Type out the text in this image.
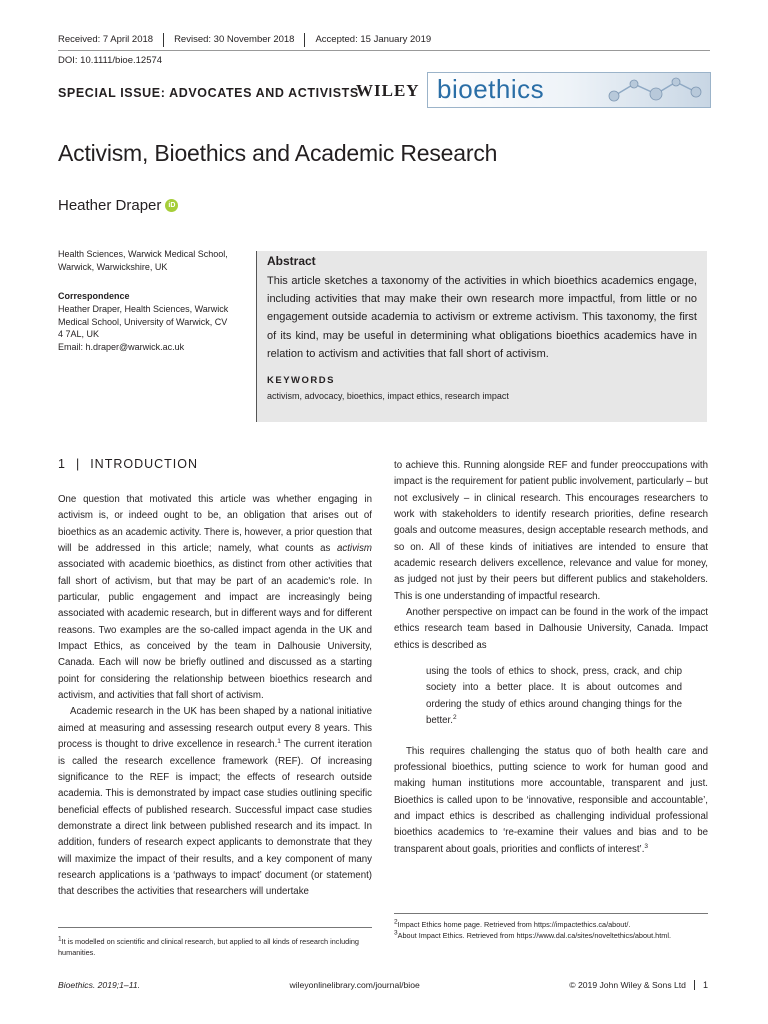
Received: 7 April 2018	Revised: 30 November 2018	Accepted: 15 January 2019
DOI: 10.1111/bioe.12574
SPECIAL ISSUE: ADVOCATES AND ACTIVISTS
WILEY bioethics
Activism, Bioethics and Academic Research
Heather Draper	iD
Health Sciences, Warwick Medical School,
Warwick, Warwickshire, UK
Correspondence
Heather Draper, Health Sciences, Warwick
Medical School, University of Warwick, CV
4 7AL, UK
Email: h.draper@warwick.ac.uk
Abstract
This article sketches a taxonomy of the activities in which bioethics academics engage, including activities that may make their own research more impactful, from little or no engagement outside academia to activism or extreme activism. This taxonomy, the first of its kind, may be useful in determining what obligations bioethics academics have in relation to activism and activities that fall short of activism.
KEYWORDS
activism, advocacy, bioethics, impact ethics, research impact
1 | INTRODUCTION

One question that motivated this article was whether engaging in activism is, or indeed ought to be, an obligation that arises out of bioethics as an academic activity. There is, however, a prior question that will be addressed in this article; namely, what counts as activism associated with academic bioethics, as distinct from other activities that fall short of activism, but that may be part of an academic's role. In particular, public engagement and impact are increasingly being associated with academic research, but in different ways and for different reasons. Two examples are the so-called impact agenda in the UK and Impact Ethics, as conceived by the team in Dalhousie University, Canada. Each will now be briefly outlined and discussed as a starting point for considering the relationship between bioethics research and activism, and activities that fall short of activism.

Academic research in the UK has been shaped by a national initiative aimed at measuring and assessing research output every 8 years. This process is thought to drive excellence in research.$^1$ The current iteration is called the research excellence framework (REF). Of increasing significance to the REF is impact; the effects of research outside academia. This is demonstrated by impact case studies outlining specific beneficial effects of published research. Successful impact case studies demonstrate a direct link between published research and its impact. In addition, funders of research expect applicants to demonstrate that they will maximize the impact of their results, and a key component of many research applications is a ‘pathways to impact’ document (or statement) that describes the activities that researchers will undertake

to achieve this. Running alongside REF and funder preoccupations with impact is the requirement for patient public involvement, particularly – but not exclusively – in clinical research. This encourages researchers to work with stakeholders to identify research priorities, define research goals and outcome measures, design acceptable research methods, and so on. All of these kinds of initiatives are intended to ensure that academic research delivers excellence, relevance and value for money, as judged not just by their peers but different publics and stakeholders. This is one understanding of impactful research.

Another perspective on impact can be found in the work of the impact ethics research team based in Dalhousie University, Canada. Impact ethics is described as

using the tools of ethics to shock, press, crack, and chip society into a better place. It is about outcomes and ordering the study of ethics around changing things for the better.$^2$

This requires challenging the status quo of both health care and professional bioethics, putting science to work for human good and making human institutions more accountable, transparent and just. Bioethics is called upon to be ‘innovative, responsible and accountable’, and impact ethics is described as challenging individual professional bioethics academics to ‘re-examine their values and bias and to be transparent about goals, priorities and conflicts of interest’.$^3$

$^1$It is modelled on scientific and clinical research, but applied to all kinds of research including humanities.
$^2$Impact Ethics home page. Retrieved from https://impactethics.ca/about/.
$^3$About Impact Ethics. Retrieved from https://www.dal.ca/sites/noveltethics/about.html.
Bioethics. 2019;1–11.	wileyonlinelibrary.com/journal/bioe	© 2019 John Wiley & Sons Ltd	1
